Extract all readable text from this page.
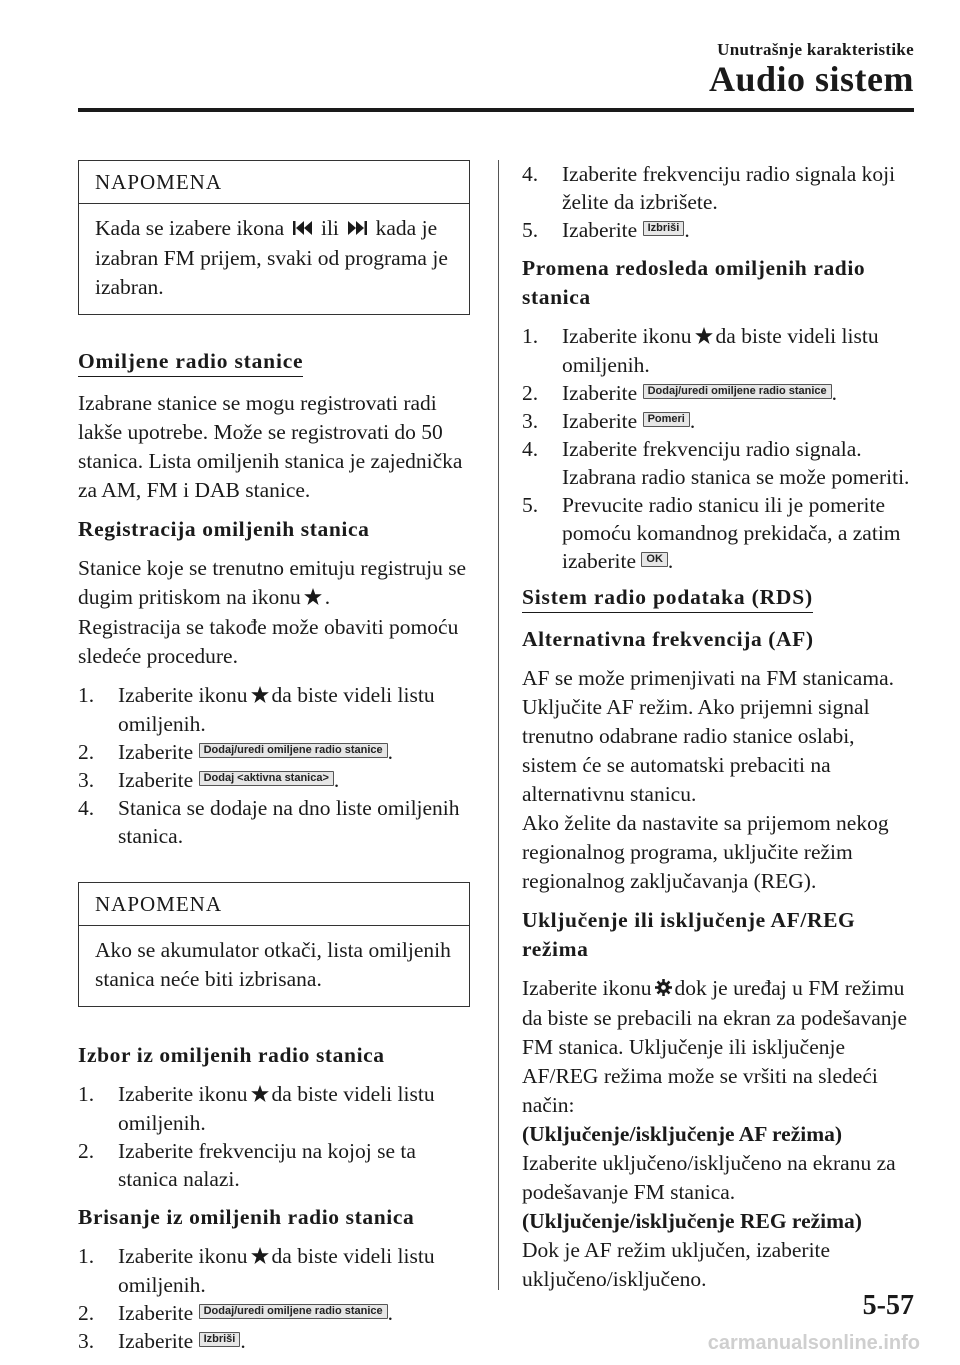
Unutrašnje karakteristike
Audio sistem
NAPOMENA
Kada se izabere ikona ili kada je izabran FM prijem, svaki od programa je izabran.
Omiljene radio stanice

Izabrane stanice se mogu registrovati radi lakše upotrebe. Može se registrovati do 50 stanica. Lista omiljenih stanica je zajednička za AM, FM i DAB stanice.

Registracija omiljenih stanica

Stanice koje se trenutno emituju registruju se dugim pritiskom na ikonu .

Registracija se takođe može obaviti pomoću sledeće procedure.

1. Izaberite ikonu da biste videli listu omiljenih.
2. Izaberite Dodaj/uredi omiljene radio stanice .
3. Izaberite Dodaj <aktivna stanica> .
4. Stanica se dodaje na dno liste omiljenih stanica.
NAPOMENA
Ako se akumulator otkači, lista omiljenih stanica neće biti izbrisana.
Izbor iz omiljenih radio stanica
1. Izaberite ikonu da biste videli listu omiljenih.
2. Izaberite frekvenciju na kojoj se ta stanica nalazi.
Brisanje iz omiljenih radio stanica
1. Izaberite ikonu da biste videli listu omiljenih.
2. Izaberite Dodaj/uredi omiljene radio stanice .
3. Izaberite Izbriši .
4. Izaberite frekvenciju radio signala koji želite da izbrišete.
5. Izaberite Izbriši .
Promena redosleda omiljenih radio stanica
1. Izaberite ikonu da biste videli listu omiljenih.
2. Izaberite Dodaj/uredi omiljene radio stanice .
3. Izaberite Pomeri .
4. Izaberite frekvenciju radio signala. Izabrana radio stanica se može pomeriti.
5. Prevucite radio stanicu ili je pomerite pomoću komandnog prekidača, a zatim izaberite OK .
Sistem radio podataka (RDS)
Alternativna frekvencija (AF)

AF se može primenjivati na FM stanicama. Uključite AF režim. Ako prijemni signal trenutno odabrane radio stanice oslabi, sistem će se automatski prebaciti na alternativnu stanicu.

Ako želite da nastavite sa prijemom nekog regionalnog programa, uključite režim regionalnog zaključavanja (REG).

Uključenje ili isključenje AF/REG režima

Izaberite ikonu dok je uređaj u FM režimu da biste se prebacili na ekran za podešavanje FM stanica. Uključenje ili isključenje AF/REG režima može se vršiti na sledeći način:

(Uključenje/isključenje AF režima)

Izaberite uključeno/isključeno na ekranu za podešavanje FM stanica.

(Uključenje/isključenje REG režima)

Dok je AF režim uključen, izaberite uključeno/isključeno.

5-57
carmanualsonline.info
